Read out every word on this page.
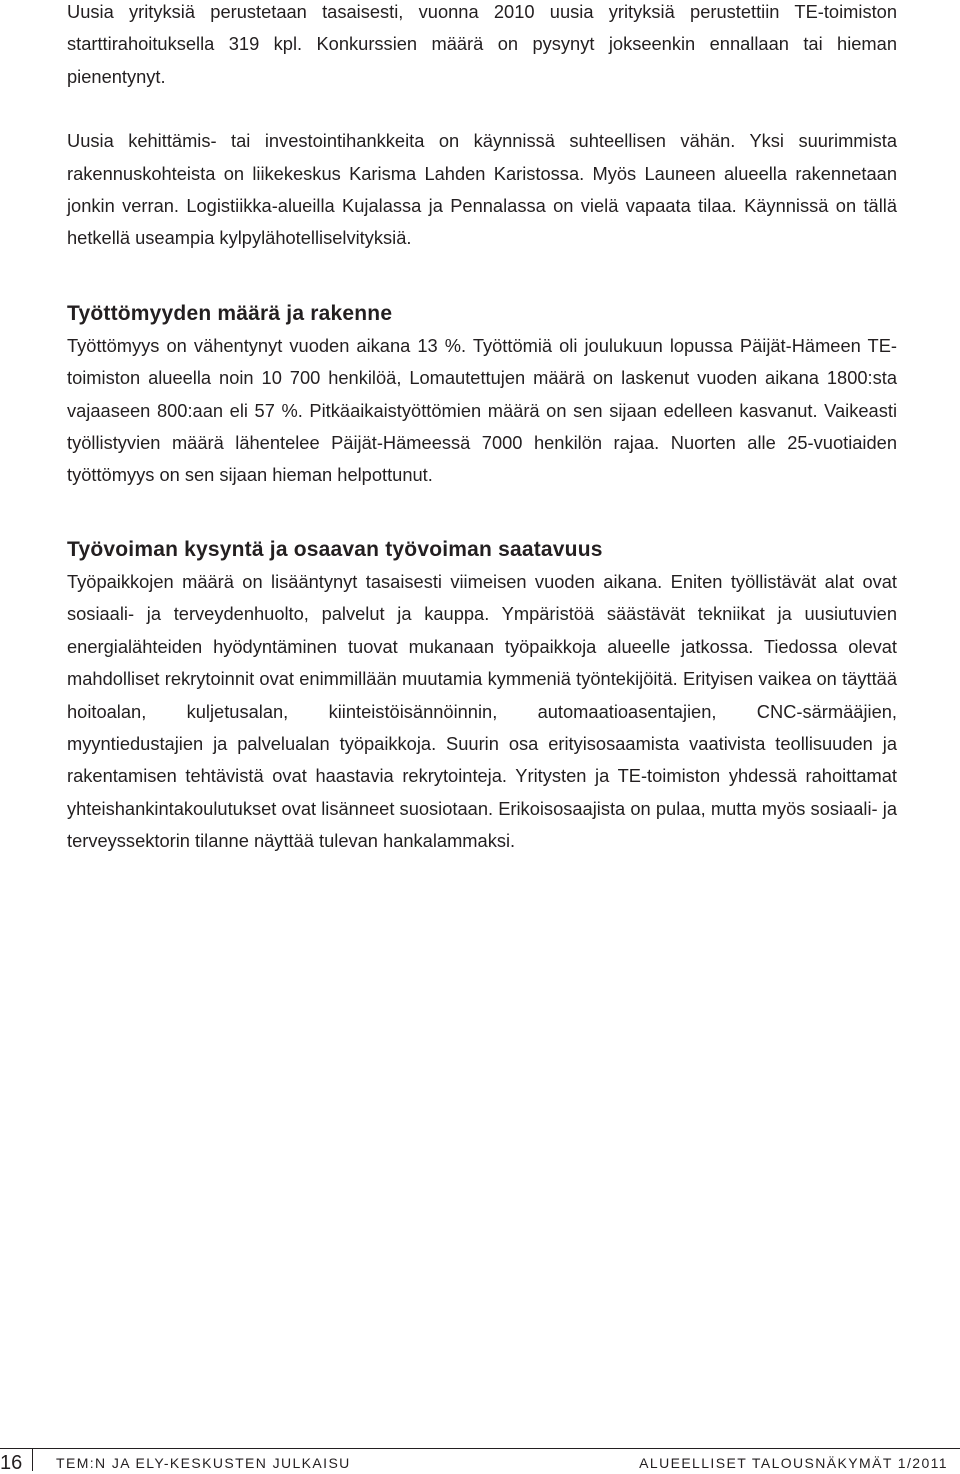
Uusia yrityksiä perustetaan tasaisesti, vuonna 2010 uusia yrityksiä perustettiin TE-toimiston starttirahoituksella 319 kpl. Konkurssien määrä on pysynyt jokseenkin ennallaan tai hieman pienentynyt.

Uusia kehittämis- tai investointihankkeita on käynnissä suhteellisen vähän. Yksi suurimmista rakennuskohteista on liikekeskus Karisma Lahden Karistossa. Myös Launeen alueella rakennetaan jonkin verran. Logistiikka-alueilla Kujalassa ja Pennalassa on vielä vapaata tilaa. Käynnissä on tällä hetkellä useampia kylpylähotelliselvityksiä.

Työttömyyden määrä ja rakenne

Työttömyys on vähentynyt vuoden aikana 13 %. Työttömiä oli joulukuun lopussa Päijät-Hämeen TE-toimiston alueella noin 10 700 henkilöä, Lomautettujen määrä on laskenut vuoden aikana 1800:sta vajaaseen 800:aan eli 57 %. Pitkäaikaistyöttömien määrä on sen sijaan edelleen kasvanut. Vaikeasti työllistyvien määrä lähentelee Päijät-Hämeessä 7000 henkilön rajaa. Nuorten alle 25-vuotiaiden työttömyys on sen sijaan hieman helpottunut.

Työvoiman kysyntä ja osaavan työvoiman saatavuus

Työpaikkojen määrä on lisääntynyt tasaisesti viimeisen vuoden aikana. Eniten työllistävät alat ovat sosiaali- ja terveydenhuolto, palvelut ja kauppa. Ympäristöä säästävät tekniikat ja uusiutuvien energialähteiden hyödyntäminen tuovat mukanaan työpaikkoja alueelle jatkossa. Tiedossa olevat mahdolliset rekrytoinnit ovat enimmillään muutamia kymmeniä työntekijöitä. Erityisen vaikea on täyttää hoitoalan, kuljetusalan, kiinteistöisännöinnin, automaatioasentajien, CNC-särmääjien, myyntiedustajien ja palvelualan työpaikkoja. Suurin osa erityisosaamista vaativista teollisuuden ja rakentamisen tehtävistä ovat haastavia rekrytointeja. Yritysten ja TE-toimiston yhdessä rahoittamat yhteishankintakoulutukset ovat lisänneet suosiotaan. Erikoisosaajista on pulaa, mutta myös sosiaali- ja terveyssektorin tilanne näyttää tulevan hankalammaksi.

16 TEM:N JA ELY-KESKUSTEN JULKAISU	ALUEELLISET TALOUSNÄKYMÄT 1/2011
